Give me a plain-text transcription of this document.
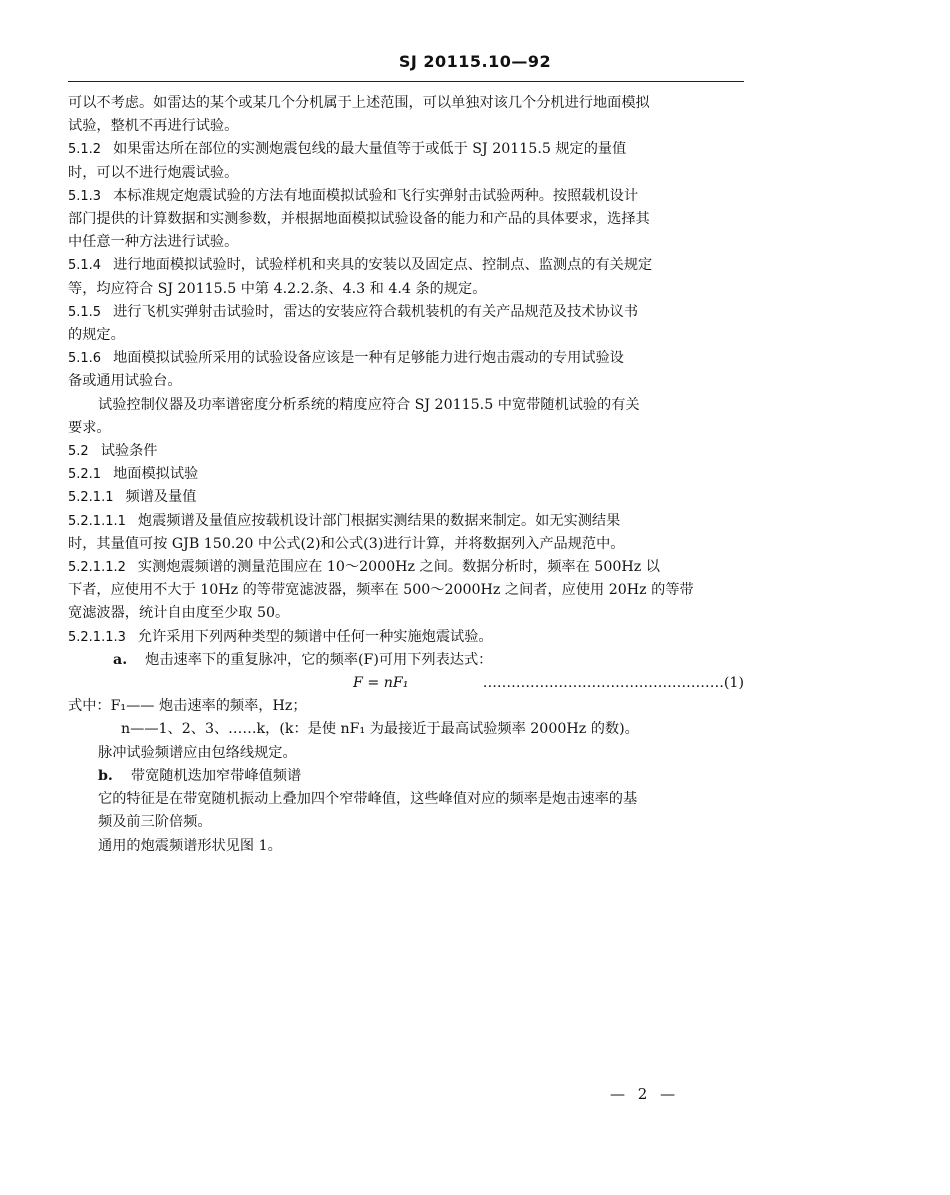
SJ 20115.10—92

可以不考虑。如雷达的某个或某几个分机属于上述范围，可以单独对该几个分机进行地面模拟
试验，整机不再进行试验。

5.1.2 如果雷达所在部位的实测炮震包线的最大量值等于或低于 SJ 20115.5 规定的量值
时，可以不进行炮震试验。

5.1.3 本标准规定炮震试验的方法有地面模拟试验和飞行实弹射击试验两种。按照载机设计
部门提供的计算数据和实测参数，并根据地面模拟试验设备的能力和产品的具体要求，选择其
中任意一种方法进行试验。

5.1.4 进行地面模拟试验时，试验样机和夹具的安装以及固定点、控制点、监测点的有关规定
等，均应符合 SJ 20115.5 中第 4.2.2.条、4.3 和 4.4 条的规定。

5.1.5 进行飞机实弹射击试验时，雷达的安装应符合载机装机的有关产品规范及技术协议书
的规定。

5.1.6 地面模拟试验所采用的试验设备应该是一种有足够能力进行炮击震动的专用试验设
备或通用试验台。

试验控制仪器及功率谱密度分析系统的精度应符合 SJ 20115.5 中宽带随机试验的有关
要求。

5.2 试验条件

5.2.1 地面模拟试验

5.2.1.1 频谱及量值

5.2.1.1.1 炮震频谱及量值应按载机设计部门根据实测结果的数据来制定。如无实测结果
时，其量值可按 GJB 150.20 中公式(2)和公式(3)进行计算，并将数据列入产品规范中。

5.2.1.1.2 实测炮震频谱的测量范围应在 10～2000Hz 之间。数据分析时，频率在 500Hz 以
下者，应使用不大于 10Hz 的等带宽滤波器，频率在 500～2000Hz 之间者，应使用 20Hz 的等带
宽滤波器，统计自由度至少取 50。

5.2.1.1.3 允许采用下列两种类型的频谱中任何一种实施炮震试验。

a. 炮击速率下的重复脉冲，它的频率(F)可用下列表达式：

F = nF₁	……………………………………………(1)

式中：F₁—— 炮击速率的频率，Hz；
n——1、2、3、……k，(k：是使 nF₁ 为最接近于最高试验频率 2000Hz 的数)。

脉冲试验频谱应由包络线规定。

b. 带宽随机迭加窄带峰值频谱

它的特征是在带宽随机振动上叠加四个窄带峰值，这些峰值对应的频率是炮击速率的基
频及前三阶倍频。

通用的炮震频谱形状见图 1。

— 2 —
